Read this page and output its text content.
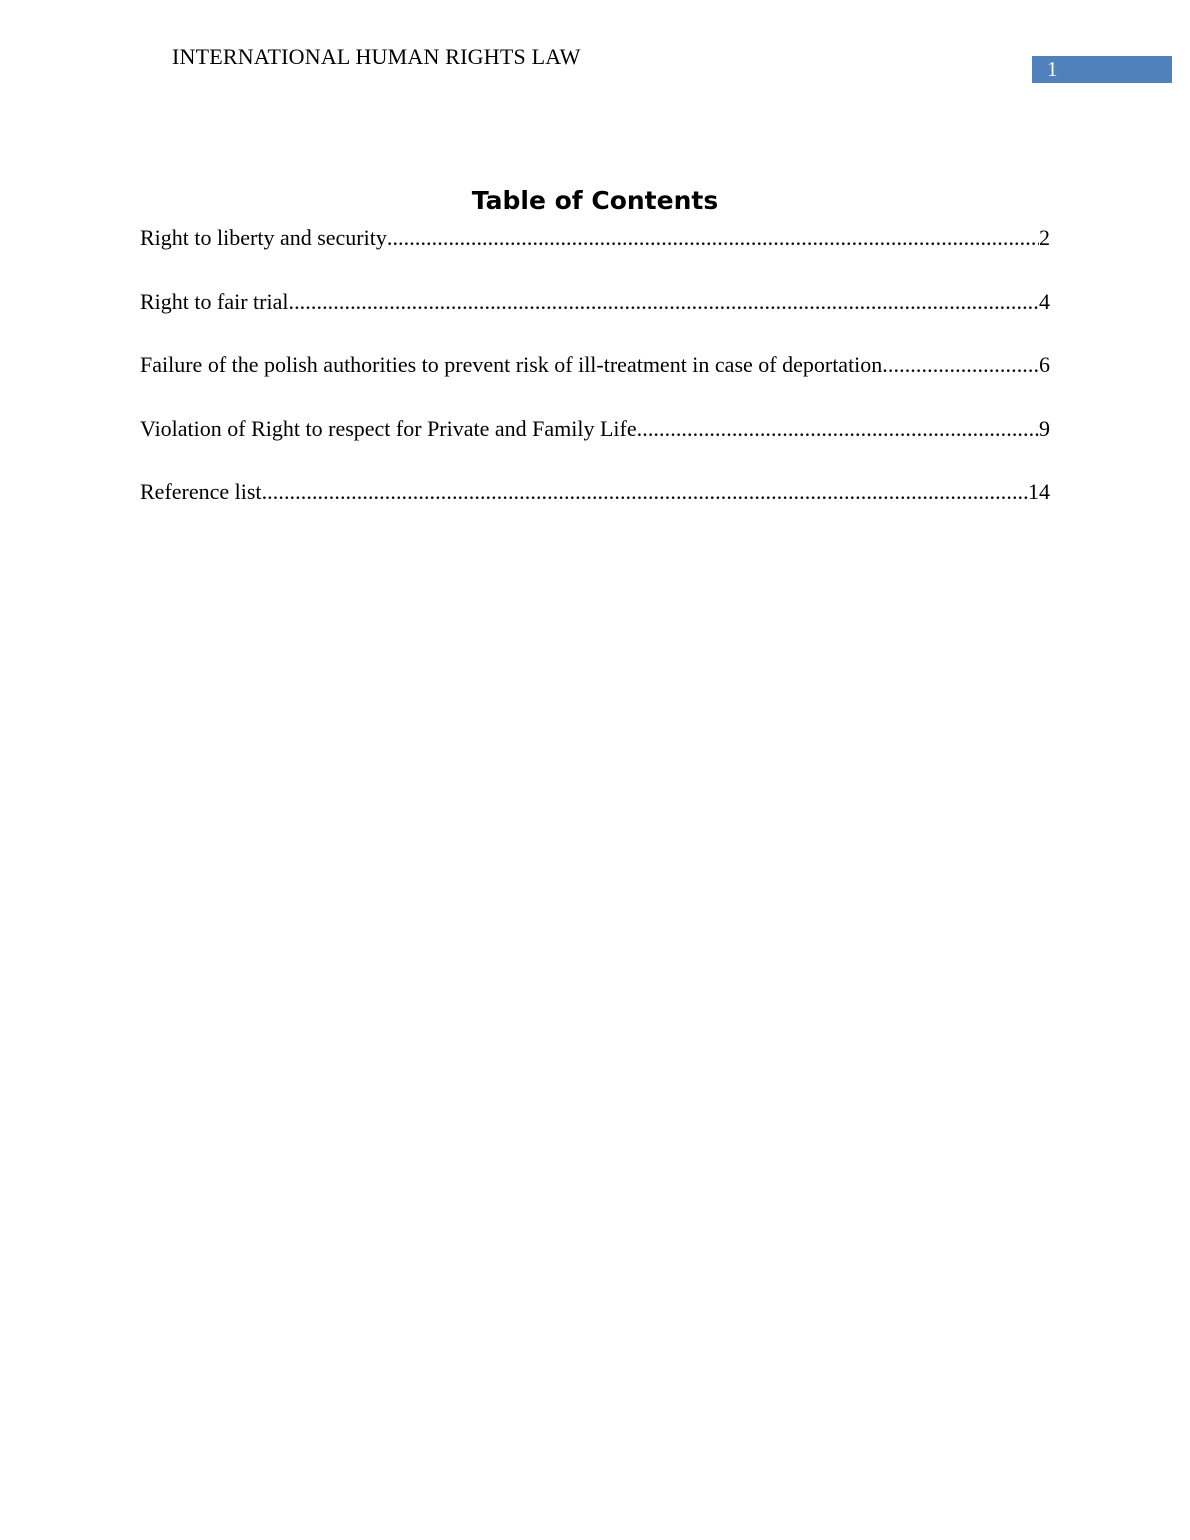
INTERNATIONAL HUMAN RIGHTS LAW	1
Table of Contents
Right to liberty and security .....	2
Right to fair trial .....	4
Failure of the polish authorities to prevent risk of ill-treatment in case of deportation .....	6
Violation of Right to respect for Private and Family Life .....	9
Reference list .....	14
